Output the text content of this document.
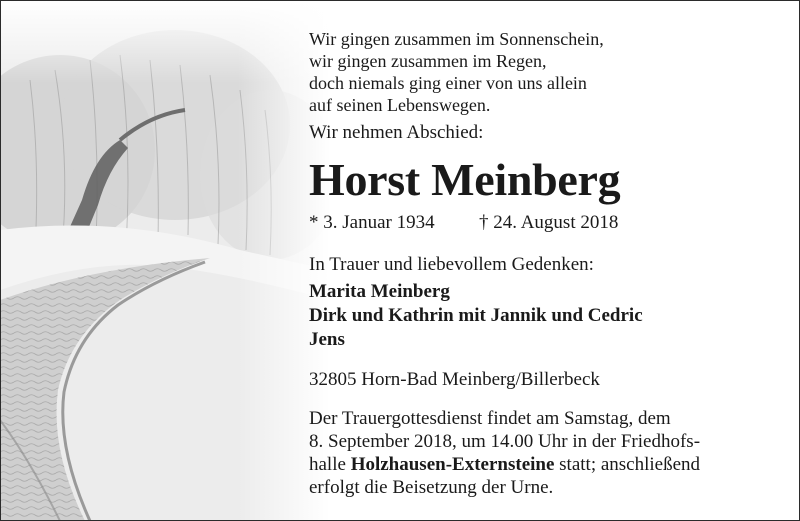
Wir gingen zusammen im Sonnenschein,
wir gingen zusammen im Regen,
doch niemals ging einer von uns allein
auf seinen Lebenswegen.
Wir nehmen Abschied:
Horst Meinberg
* 3. Januar 1934 † 24. August 2018
In Trauer und liebevollem Gedenken:
Marita Meinberg
Dirk und Kathrin mit Jannik und Cedric
Jens
32805 Horn-Bad Meinberg/Billerbeck
Der Trauergottesdienst findet am Samstag, dem
8. September 2018, um 14.00 Uhr in der Friedhofs-
halle Holzhausen-Externsteine statt; anschließend
erfolgt die Beisetzung der Urne.
